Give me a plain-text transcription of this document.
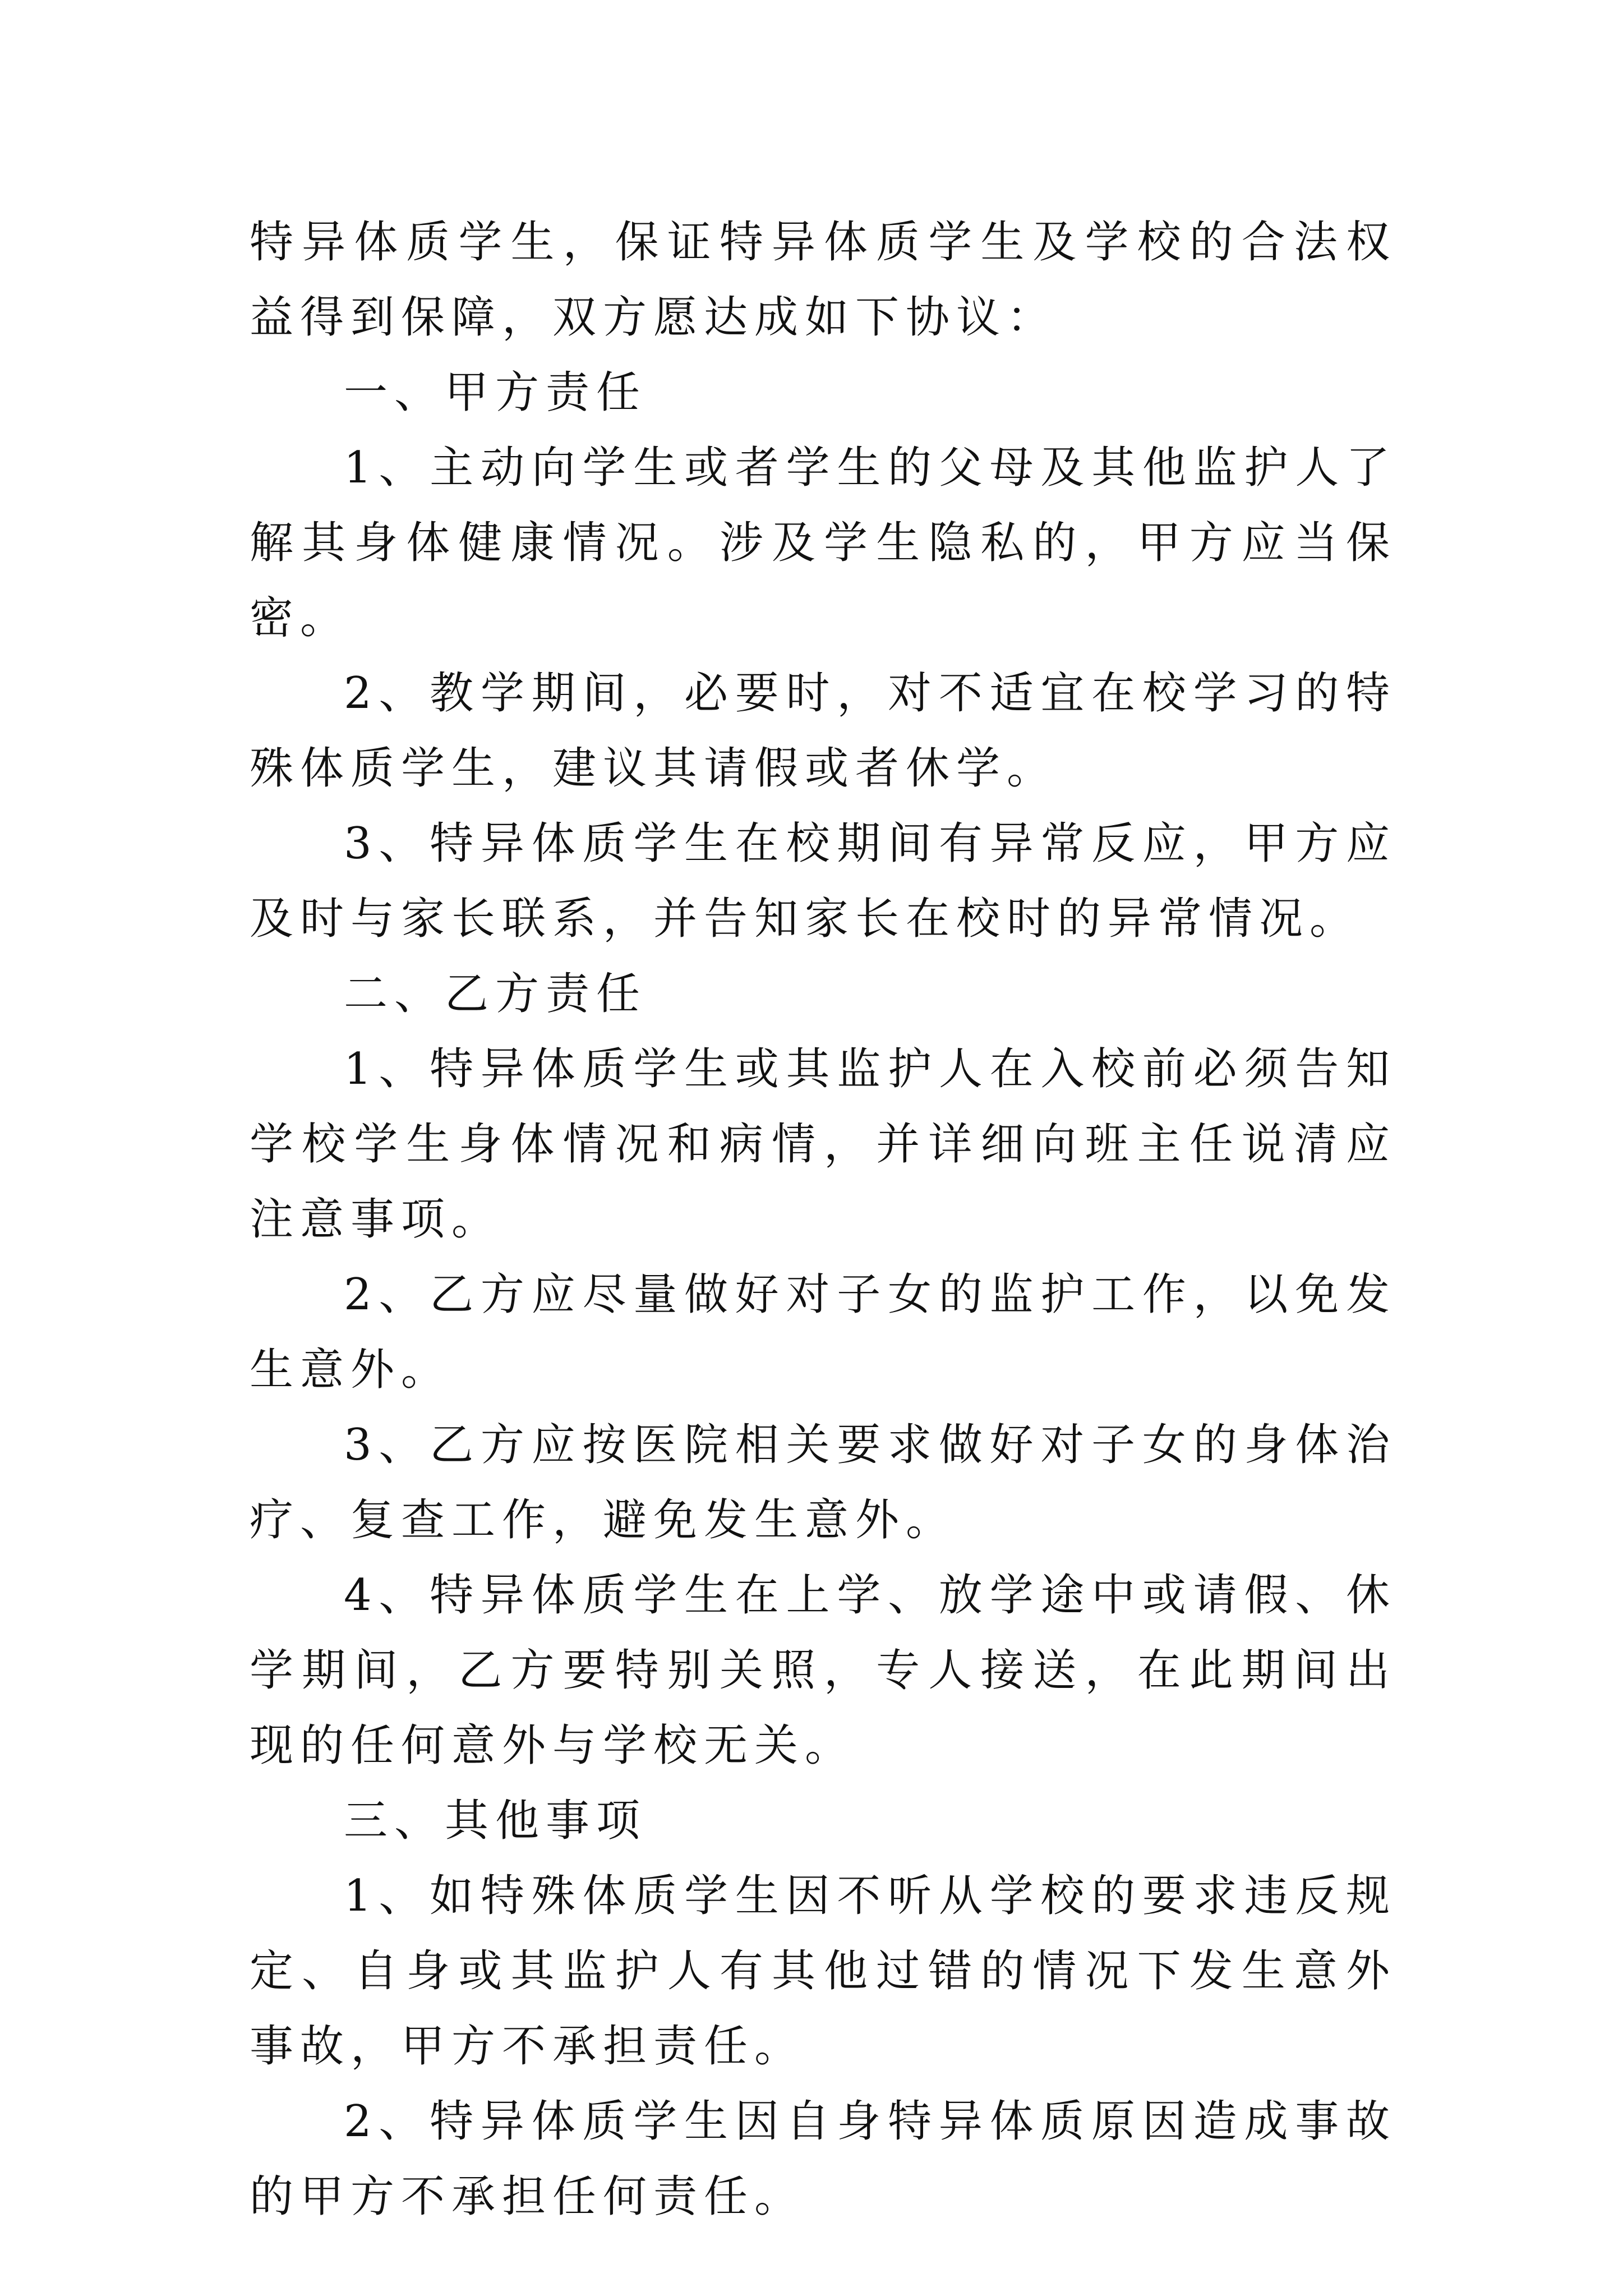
特异体质学生，保证特异体质学生及学校的合法权益得到保障，双方愿达成如下协议：

一、甲方责任

1、主动向学生或者学生的父母及其他监护人了解其身体健康情况。涉及学生隐私的，甲方应当保密。

2、教学期间，必要时，对不适宜在校学习的特殊体质学生，建议其请假或者休学。

3、特异体质学生在校期间有异常反应，甲方应及时与家长联系，并告知家长在校时的异常情况。

二、乙方责任

1、特异体质学生或其监护人在入校前必须告知学校学生身体情况和病情，并详细向班主任说清应注意事项。

2、乙方应尽量做好对子女的监护工作，以免发生意外。

3、乙方应按医院相关要求做好对子女的身体治疗、复查工作，避免发生意外。

4、特异体质学生在上学、放学途中或请假、休学期间，乙方要特别关照，专人接送，在此期间出现的任何意外与学校无关。

三、其他事项

1、如特殊体质学生因不听从学校的要求违反规定、自身或其监护人有其他过错的情况下发生意外事故，甲方不承担责任。

2、特异体质学生因自身特异体质原因造成事故的甲方不承担任何责任。
